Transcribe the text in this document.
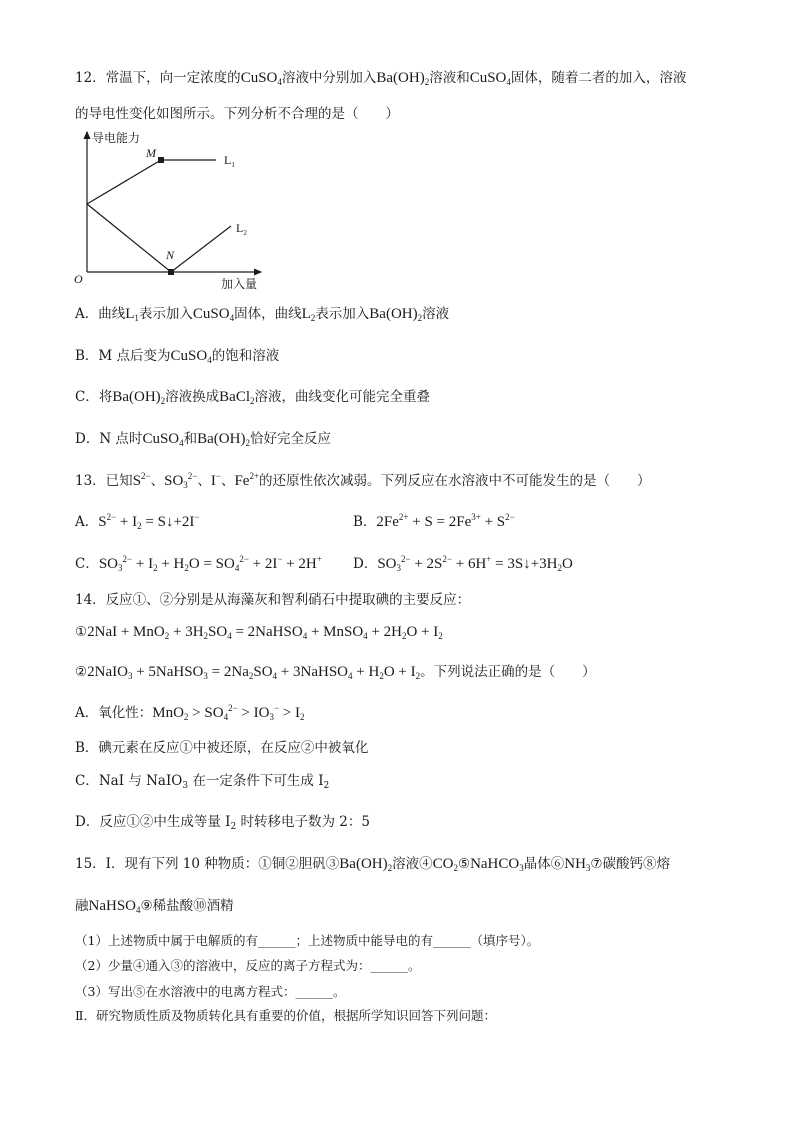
12．常温下，向一定浓度的CuSO$_4$溶液中分别加入$Ba(OH)_2$溶液和CuSO$_4$固体，随着二者的加入，溶液
的导电性变化如图所示。下列分析不合理的是（　　）
导电能力
O	加入量
M	$L_1$
N
$L_2$
A．曲线$L_1$表示加入CuSO$_4$固体，曲线$L_2$表示加入$Ba(OH)_2$溶液
B．M 点后变为CuSO$_4$的饱和溶液
C．将$Ba(OH)_2$溶液换成BaCl$_2$溶液，曲线变化可能完全重叠
D．N 点时CuSO$_4$和$Ba(OH)_2$恰好完全反应
13．已知$S^{2-}$、$SO_3^{2-}$、I−、$Fe^{2+}$的还原性依次减弱。下列反应在水溶液中不可能发生的是（　　）
A．$S^{2-} + I_2$ = S↓+2I−	B．$2Fe^{2+} + S = 2Fe^{3+} + S^{2-}$
C．$SO_3^{2-} + I_2 + H_2O = SO_4^{2-} + 2I^- + 2H^+$ D．$SO_3^{2-} + 2S^{2-} + 6H^+$ = $3S↓+3H_2O$
14．反应①、②分别是从海藻灰和智利硝石中提取碘的主要反应：
①2NaI + $MnO_2 + 3H_2SO_4$ = 2NaHSO$_4$ + MnSO$_4$ + $2H_2O + I_2$
②2NaIO$_3$ + 5NaHSO$_3$ = $2Na_2SO_4$ + 3NaHSO$_4$ + $H_2O + I_2$。下列说法正确的是（　　）
A．氧化性：$MnO_2 > SO_4^{2-} > IO_3^- > I_2$
B．碘元素在反应①中被还原，在反应②中被氧化
C．NaI 与 NaIO$_3$ 在一定条件下可生成 $I_2$
D．反应①②中生成等量 $I_2$ 时转移电子数为 2：5
15．Ⅰ．现有下列 10 种物质：①铜②胆矾$③Ba(OH)_2$溶液$④CO_2⑤NaHCO_3$晶体$⑥NH_3⑦$碳酸钙⑧熔
融NaHSO$_4$⑨稀盐酸⑩酒精
（1）上述物质中属于电解质的有______；上述物质中能导电的有______（填序号）。
（2）少量④通入③的溶液中，反应的离子方程式为：______。
（3）写出⑤在水溶液中的电离方程式：______。
Ⅱ．研究物质性质及物质转化具有重要的价值，根据所学知识回答下列问题：
